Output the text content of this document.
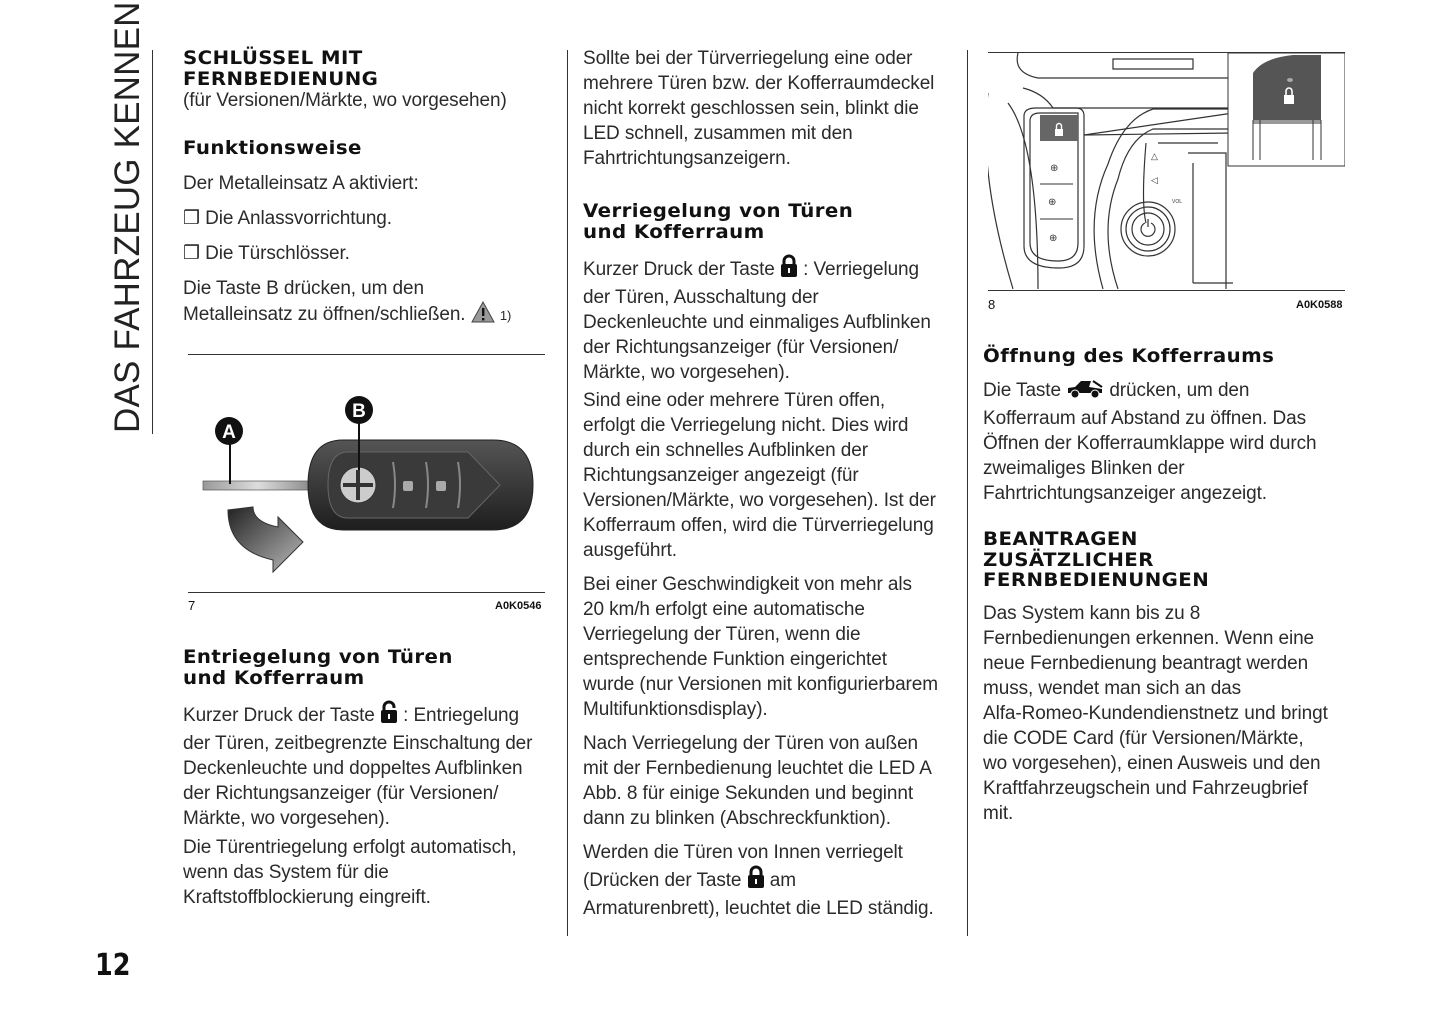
DAS FAHRZEUG KENNEN
12
SCHLÜSSEL MIT
FERNBEDIENUNG
(für Versionen/Märkte, wo vorgesehen)
Funktionsweise
Der Metalleinsatz A aktiviert:
❒ Die Anlassvorrichtung.
❒ Die Türschlösser.
Die Taste B drücken, um den
Metalleinsatz zu öffnen/schließen.  1)
A
B
7	A0K0546
Entriegelung von Türen
und Kofferraum
Kurzer Druck der Taste  : Entriegelung
der Türen, zeitbegrenzte Einschaltung der
Deckenleuchte und doppeltes Aufblinken
der Richtungsanzeiger (für Versionen/
Märkte, wo vorgesehen).
Die Türentriegelung erfolgt automatisch,
wenn das System für die
Kraftstoffblockierung eingreift.
Sollte bei der Türverriegelung eine oder
mehrere Türen bzw. der Kofferraumdeckel
nicht korrekt geschlossen sein, blinkt die
LED schnell, zusammen mit den
Fahrtrichtungsanzeigern.
Verriegelung von Türen
und Kofferraum
Kurzer Druck der Taste  : Verriegelung
der Türen, Ausschaltung der
Deckenleuchte und einmaliges Aufblinken
der Richtungsanzeiger (für Versionen/
Märkte, wo vorgesehen).
Sind eine oder mehrere Türen offen,
erfolgt die Verriegelung nicht. Dies wird
durch ein schnelles Aufblinken der
Richtungsanzeiger angezeigt (für
Versionen/Märkte, wo vorgesehen). Ist der
Kofferraum offen, wird die Türverriegelung
ausgeführt.
Bei einer Geschwindigkeit von mehr als
20 km/h erfolgt eine automatische
Verriegelung der Türen, wenn die
entsprechende Funktion eingerichtet
wurde (nur Versionen mit konfigurierbarem
Multifunktionsdisplay).
Nach Verriegelung der Türen von außen
mit der Fernbedienung leuchtet die LED A
Abb. 8 für einige Sekunden und beginnt
dann zu blinken (Abschreckfunktion).
Werden die Türen von Innen verriegelt
(Drücken der Taste  am
Armaturenbrett), leuchtet die LED ständig.
⊕
⊕
⊕
△
◁
VOL
8	A0K0588
Öffnung des Kofferraums
Die Taste  drücken, um den
Kofferraum auf Abstand zu öffnen. Das
Öffnen der Kofferraumklappe wird durch
zweimaliges Blinken der
Fahrtrichtungsanzeiger angezeigt.
BEANTRAGEN
ZUSÄTZLICHER
FERNBEDIENUNGEN
Das System kann bis zu 8
Fernbedienungen erkennen. Wenn eine
neue Fernbedienung beantragt werden
muss, wendet man sich an das
Alfa-Romeo-Kundendienstnetz und bringt
die CODE Card (für Versionen/Märkte,
wo vorgesehen), einen Ausweis und den
Kraftfahrzeugschein und Fahrzeugbrief
mit.
